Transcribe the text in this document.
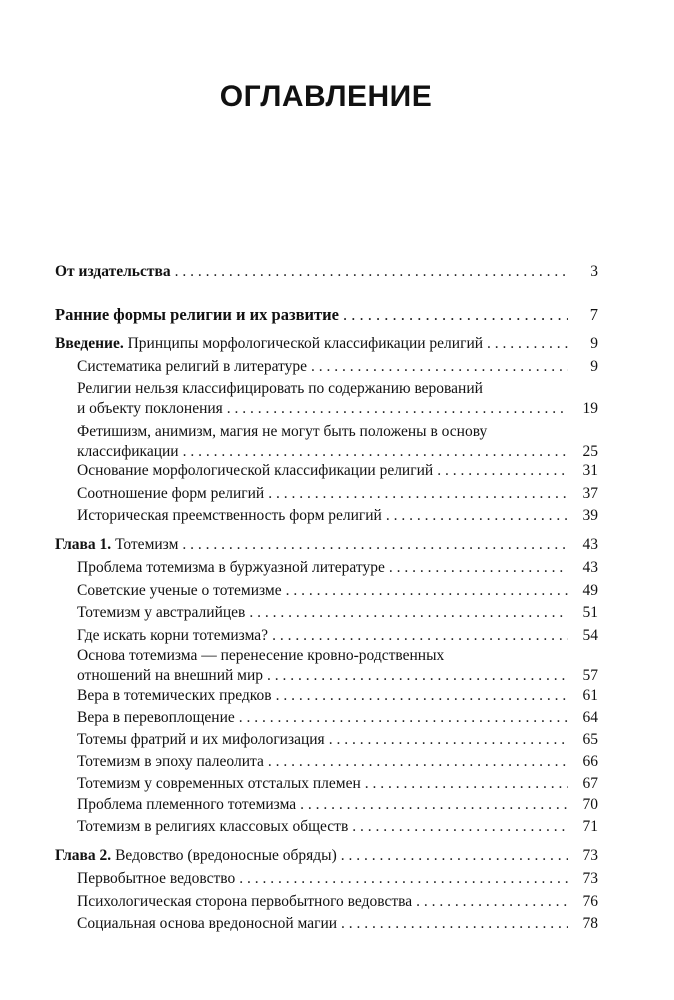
ОГЛАВЛЕНИЕ
От издательства . . .	3
Ранние формы религии и их развитие . . .	7
Введение. Принципы морфологической классификации религий . . .	9
Систематика религий в литературе . . .	9
Религии нельзя классифицировать по содержанию верований
и объекту поклонения . . .	19
Фетишизм, анимизм, магия не могут быть положены в основу
классификации . . .	25
Основание морфологической классификации религий . . .	31
Соотношение форм религий . . .	37
Историческая преемственность форм религий . . .	39
Глава 1. Тотемизм . . .	43
Проблема тотемизма в буржуазной литературе . . .	43
Советские ученые о тотемизме . . .	49
Тотемизм у австралийцев . . .	51
Где искать корни тотемизма? . . .	54
Основа тотемизма — перенесение кровно-родственных
отношений на внешний мир . . .	57
Вера в тотемических предков . . .	61
Вера в перевоплощение . . .	64
Тотемы фратрий и их мифологизация . . .	65
Тотемизм в эпоху палеолита . . .	66
Тотемизм у современных отсталых племен . . .	67
Проблема племенного тотемизма . . .	70
Тотемизм в религиях классовых обществ . . .	71
Глава 2. Ведовство (вредоносные обряды) . . .	73
Первобытное ведовство . . .	73
Психологическая сторона первобытного ведовства . . .	76
Социальная основа вредоносной магии . . .	78
